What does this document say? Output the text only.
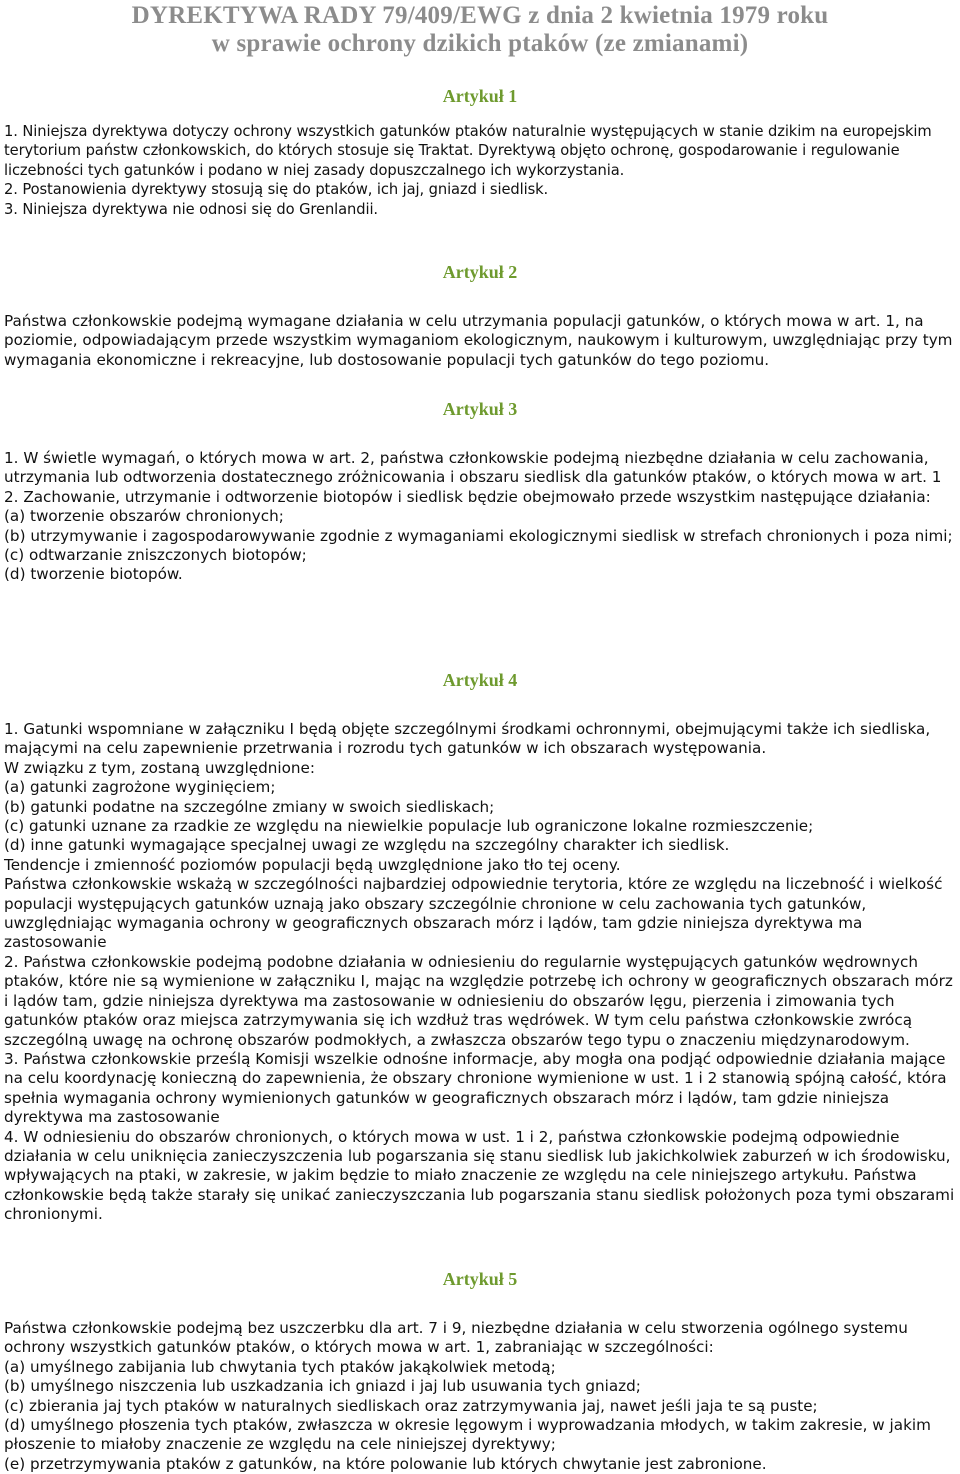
DYREKTYWA RADY 79/409/EWG z dnia 2 kwietnia 1979 roku
w sprawie ochrony dzikich ptaków (ze zmianami)
Artykuł 1
1. Niniejsza dyrektywa dotyczy ochrony wszystkich gatunków ptaków naturalnie występujących w stanie dzikim na europejskim terytorium państw członkowskich, do których stosuje się Traktat. Dyrektywą objęto ochronę, gospodarowanie i regulowanie liczebności tych gatunków i podano w niej zasady dopuszczalnego ich wykorzystania.
2. Postanowienia dyrektywy stosują się do ptaków, ich jaj, gniazd i siedlisk.
3. Niniejsza dyrektywa nie odnosi się do Grenlandii.
Artykuł 2
Państwa członkowskie podejmą wymagane działania w celu utrzymania populacji gatunków, o których mowa w art. 1, na poziomie, odpowiadającym przede wszystkim wymaganiom ekologicznym, naukowym i kulturowym, uwzględniając przy tym wymagania ekonomiczne i rekreacyjne, lub dostosowanie populacji tych gatunków do tego poziomu.
Artykuł 3
1. W świetle wymagań, o których mowa w art. 2, państwa członkowskie podejmą niezbędne działania w celu zachowania, utrzymania lub odtworzenia dostatecznego zróżnicowania i obszaru siedlisk dla gatunków ptaków, o których mowa w art. 1
2. Zachowanie, utrzymanie i odtworzenie biotopów i siedlisk będzie obejmowało przede wszystkim następujące działania:
(a) tworzenie obszarów chronionych;
(b) utrzymywanie i zagospodarowywanie zgodnie z wymaganiami ekologicznymi siedlisk w strefach chronionych i poza nimi;
(c) odtwarzanie zniszczonych biotopów;
(d) tworzenie biotopów.
Artykuł 4
1. Gatunki wspomniane w załączniku I będą objęte szczególnymi środkami ochronnymi, obejmującymi także ich siedliska, mającymi na celu zapewnienie przetrwania i rozrodu tych gatunków w ich obszarach występowania.
W związku z tym, zostaną uwzględnione:
(a) gatunki zagrożone wyginięciem;
(b) gatunki podatne na szczególne zmiany w swoich siedliskach;
(c) gatunki uznane za rzadkie ze względu na niewielkie populacje lub ograniczone lokalne rozmieszczenie;
(d) inne gatunki wymagające specjalnej uwagi ze względu na szczególny charakter ich siedlisk.
Tendencje i zmienność poziomów populacji będą uwzględnione jako tło tej oceny.
Państwa członkowskie wskażą w szczególności najbardziej odpowiednie terytoria, które ze względu na liczebność i wielkość populacji występujących gatunków uznają jako obszary szczególnie chronione w celu zachowania tych gatunków, uwzględniając wymagania ochrony w geograficznych obszarach mórz i lądów, tam gdzie niniejsza dyrektywa ma zastosowanie
2. Państwa członkowskie podejmą podobne działania w odniesieniu do regularnie występujących gatunków wędrownych ptaków, które nie są wymienione w załączniku I, mając na względzie potrzebę ich ochrony w geograficznych obszarach mórz i lądów tam, gdzie niniejsza dyrektywa ma zastosowanie w odniesieniu do obszarów lęgu, pierzenia i zimowania tych gatunków ptaków oraz miejsca zatrzymywania się ich wzdłuż tras wędrówek. W tym celu państwa członkowskie zwrócą szczególną uwagę na ochronę obszarów podmokłych, a zwłaszcza obszarów tego typu o znaczeniu międzynarodowym.
3. Państwa członkowskie prześlą Komisji wszelkie odnośne informacje, aby mogła ona podjąć odpowiednie działania mające na celu koordynację konieczną do zapewnienia, że obszary chronione wymienione w ust. 1 i 2 stanowią spójną całość, która spełnia wymagania ochrony wymienionych gatunków w geograficznych obszarach mórz i lądów, tam gdzie niniejsza dyrektywa ma zastosowanie
4. W odniesieniu do obszarów chronionych, o których mowa w ust. 1 i 2, państwa członkowskie podejmą odpowiednie działania w celu uniknięcia zanieczyszczenia lub pogarszania się stanu siedlisk lub jakichkolwiek zaburzeń w ich środowisku, wpływających na ptaki, w zakresie, w jakim będzie to miało znaczenie ze względu na cele niniejszego artykułu. Państwa członkowskie będą także starały się unikać zanieczyszczania lub pogarszania stanu siedlisk położonych poza tymi obszarami chronionymi.
Artykuł 5
Państwa członkowskie podejmą bez uszczerbku dla art. 7 i 9, niezbędne działania w celu stworzenia ogólnego systemu ochrony wszystkich gatunków ptaków, o których mowa w art. 1, zabraniając w szczególności:
(a) umyślnego zabijania lub chwytania tych ptaków jakąkolwiek metodą;
(b) umyślnego niszczenia lub uszkadzania ich gniazd i jaj lub usuwania tych gniazd;
(c) zbierania jaj tych ptaków w naturalnych siedliskach oraz zatrzymywania jaj, nawet jeśli jaja te są puste;
(d) umyślnego płoszenia tych ptaków, zwłaszcza w okresie lęgowym i wyprowadzania młodych, w takim zakresie, w jakim płoszenie to miałoby znaczenie ze względu na cele niniejszej dyrektywy;
(e) przetrzymywania ptaków z gatunków, na które polowanie lub których chwytanie jest zabronione.
